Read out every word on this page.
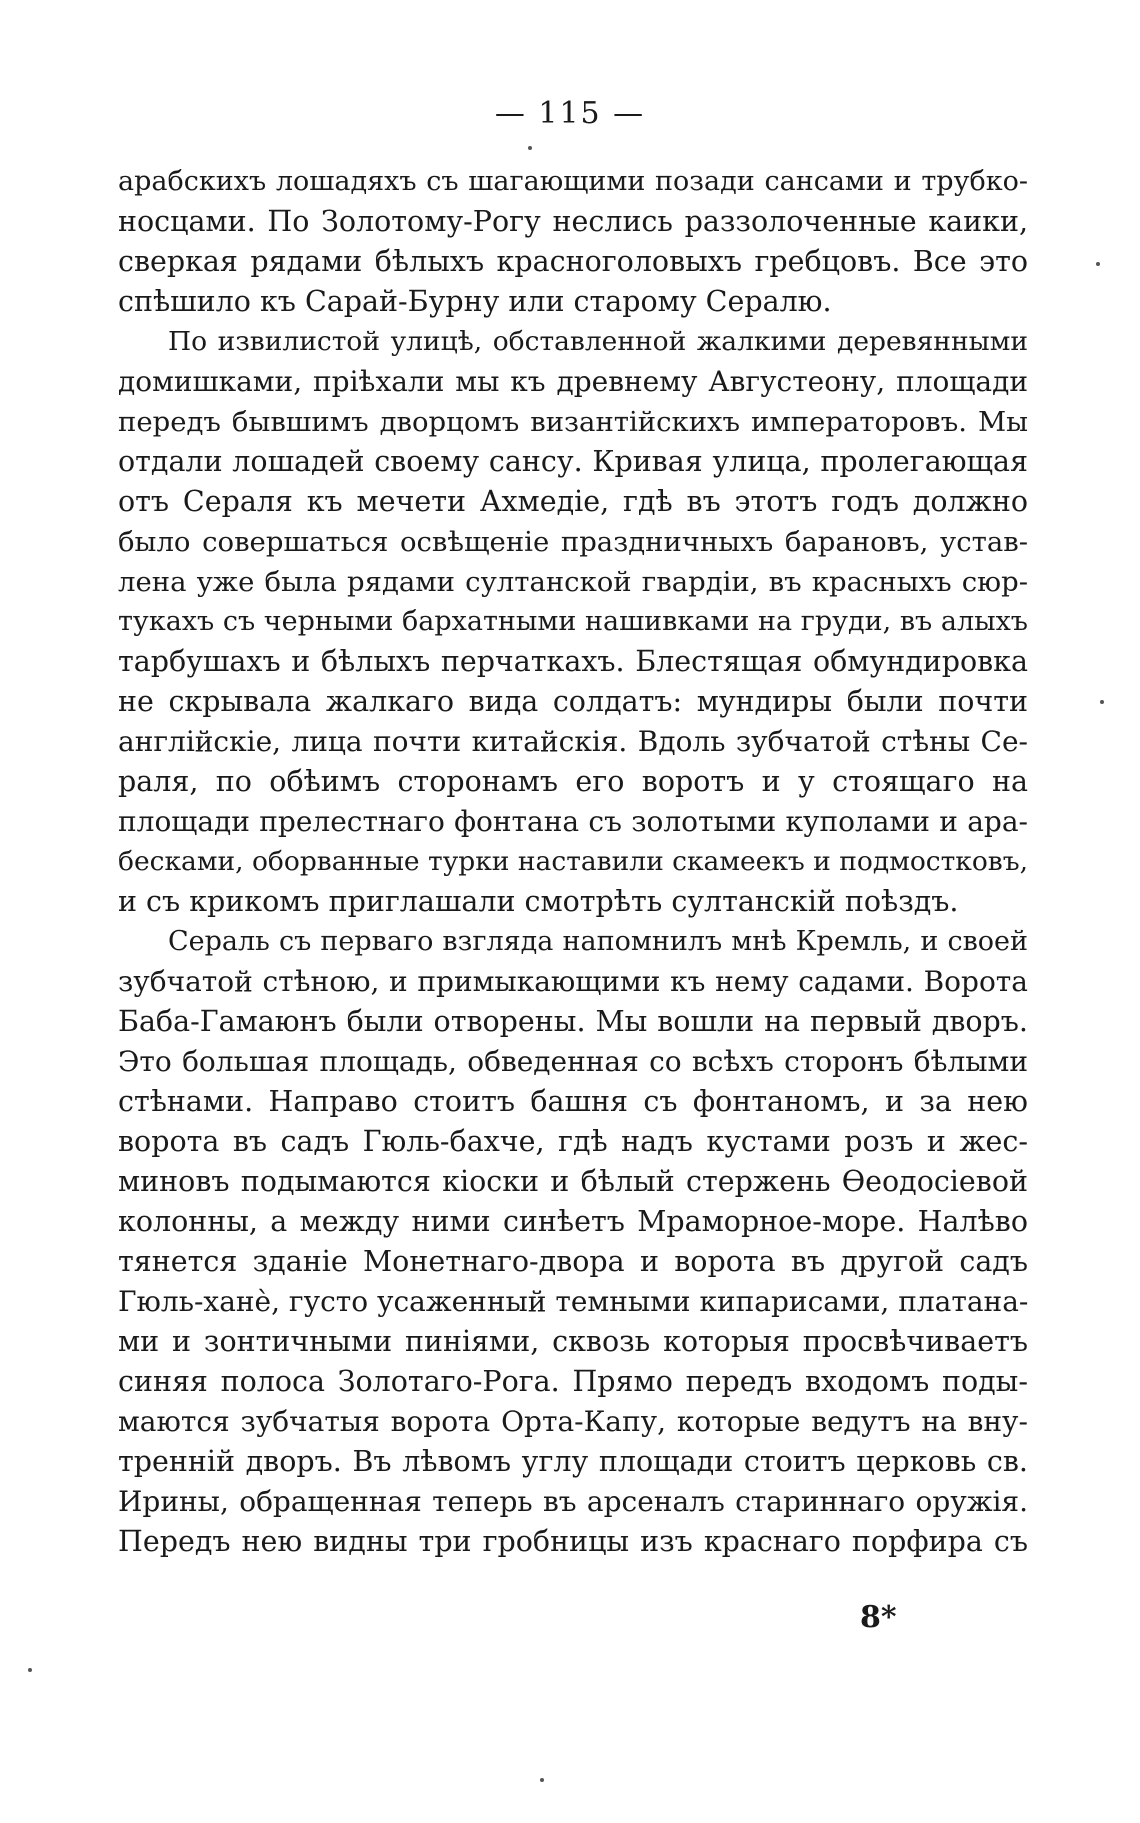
— 115 —
арабскихъ лошадяхъ съ шагающими позади сансами и трубко-
носцами. По Золотому-Рогу неслись раззолоченные каики,
сверкая рядами бѣлыхъ красноголовыхъ гребцовъ. Все это
спѣшило къ Сарай-Бурну или старому Сералю.
По извилистой улицѣ, обставленной жалкими деревянными
домишками, пріѣхали мы къ древнему Августеону, площади
передъ бывшимъ дворцомъ византійскихъ императоровъ. Мы
отдали лошадей своему сансу. Кривая улица, пролегающая
отъ Сераля къ мечети Ахмедіе, гдѣ въ этотъ годъ должно
было совершаться освѣщеніе праздничныхъ барановъ, устав-
лена уже была рядами султанской гвардіи, въ красныхъ сюр-
тукахъ съ черными бархатными нашивками на груди, въ алыхъ
тарбушахъ и бѣлыхъ перчаткахъ. Блестящая обмундировка
не скрывала жалкаго вида солдатъ: мундиры были почти
англійскіе, лица почти китайскія. Вдоль зубчатой стѣны Се-
раля, по обѣимъ сторонамъ его воротъ и у стоящаго на
площади прелестнаго фонтана съ золотыми куполами и ара-
бесками, оборванные турки наставили скамеекъ и подмостковъ,
и съ крикомъ приглашали смотрѣть султанскій поѣздъ.
Сераль съ перваго взгляда напомнилъ мнѣ Кремль, и своей
зубчатой стѣною, и примыкающими къ нему садами. Ворота
Баба-Гамаюнъ были отворены. Мы вошли на первый дворъ.
Это большая площадь, обведенная со всѣхъ сторонъ бѣлыми
стѣнами. Направо стоитъ башня съ фонтаномъ, и за нею
ворота въ садъ Гюль-бахче, гдѣ надъ кустами розъ и жес-
миновъ подымаются кіоски и бѣлый стержень Ѳеодосіевой
колонны, а между ними синѣетъ Мраморное-море. Налѣво
тянется зданіе Монетнаго-двора и ворота въ другой садъ
Гюль-ханѐ, густо усаженный темными кипарисами, платана-
ми и зонтичными пиніями, сквозь которыя просвѣчиваетъ
синяя полоса Золотаго-Рога. Прямо передъ входомъ поды-
маются зубчатыя ворота Орта-Капу, которые ведутъ на вну-
тренній дворъ. Въ лѣвомъ углу площади стоитъ церковь св.
Ирины, обращенная теперь въ арсеналъ стариннаго оружія.
Передъ нею видны три гробницы изъ краснаго порфира съ
8*
